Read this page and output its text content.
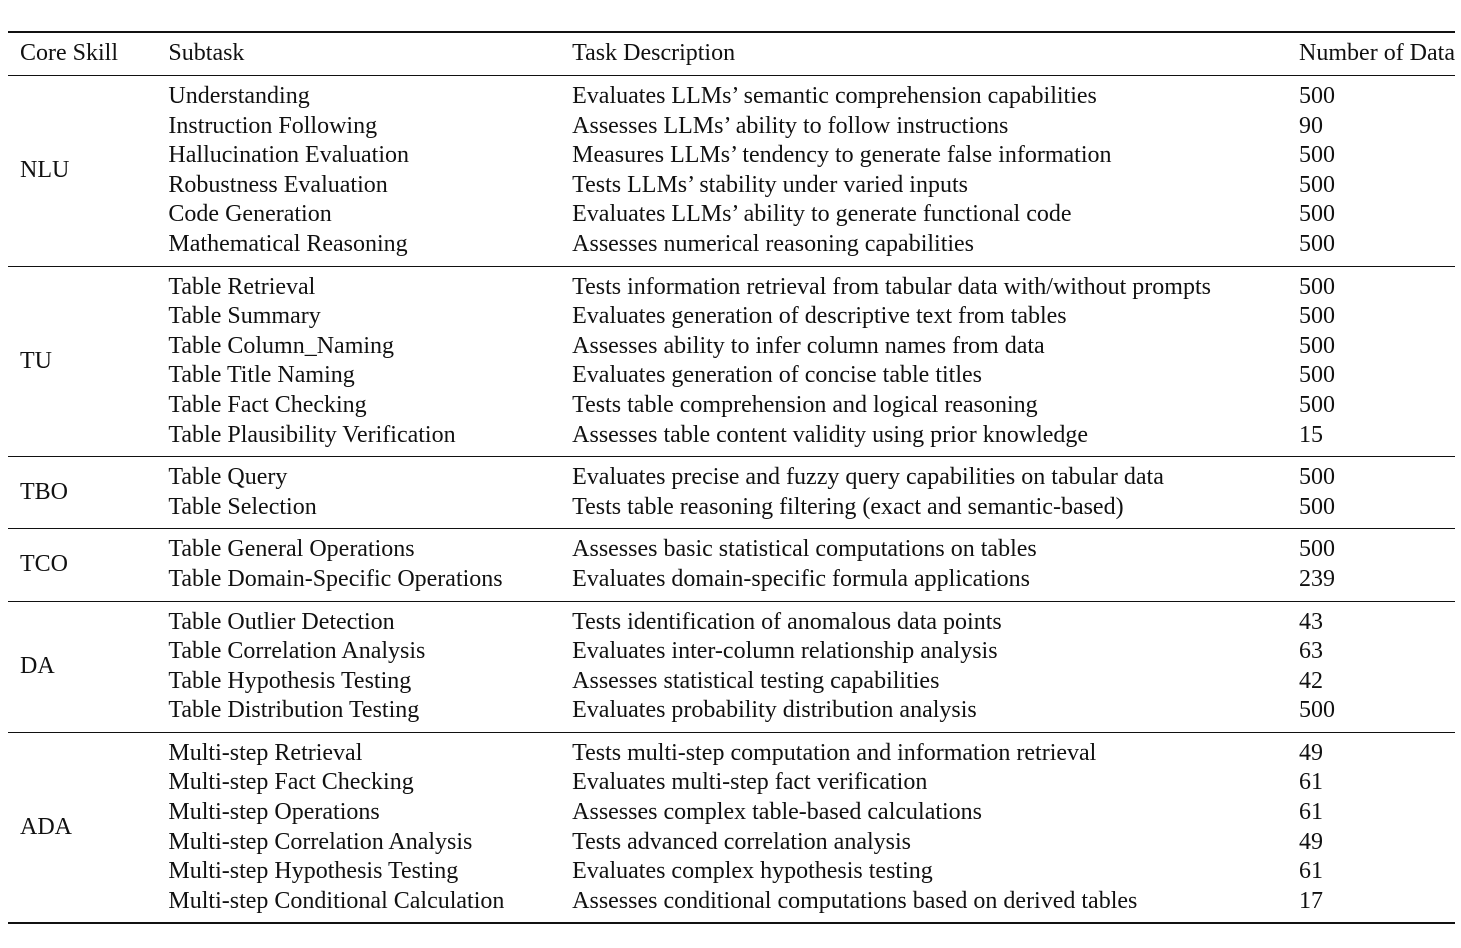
Core Skill	Subtask	Task Description	Number of Data
NLU	Understanding	Evaluates LLMs’ semantic comprehension capabilities	500
	Instruction Following	Assesses LLMs’ ability to follow instructions	90
	Hallucination Evaluation	Measures LLMs’ tendency to generate false information	500
	Robustness Evaluation	Tests LLMs’ stability under varied inputs	500
	Code Generation	Evaluates LLMs’ ability to generate functional code	500
	Mathematical Reasoning	Assesses numerical reasoning capabilities	500
TU	Table Retrieval	Tests information retrieval from tabular data with/without prompts	500
	Table Summary	Evaluates generation of descriptive text from tables	500
	Table Column_Naming	Assesses ability to infer column names from data	500
	Table Title Naming	Evaluates generation of concise table titles	500
	Table Fact Checking	Tests table comprehension and logical reasoning	500
	Table Plausibility Verification	Assesses table content validity using prior knowledge	15
TBO	Table Query	Evaluates precise and fuzzy query capabilities on tabular data	500
	Table Selection	Tests table reasoning filtering (exact and semantic-based)	500
TCO	Table General Operations	Assesses basic statistical computations on tables	500
	Table Domain-Specific Operations	Evaluates domain-specific formula applications	239
DA	Table Outlier Detection	Tests identification of anomalous data points	43
	Table Correlation Analysis	Evaluates inter-column relationship analysis	63
	Table Hypothesis Testing	Assesses statistical testing capabilities	42
	Table Distribution Testing	Evaluates probability distribution analysis	500
ADA	Multi-step Retrieval	Tests multi-step computation and information retrieval	49
	Multi-step Fact Checking	Evaluates multi-step fact verification	61
	Multi-step Operations	Assesses complex table-based calculations	61
	Multi-step Correlation Analysis	Tests advanced correlation analysis	49
	Multi-step Hypothesis Testing	Evaluates complex hypothesis testing	61
	Multi-step Conditional Calculation	Assesses conditional computations based on derived tables	17
